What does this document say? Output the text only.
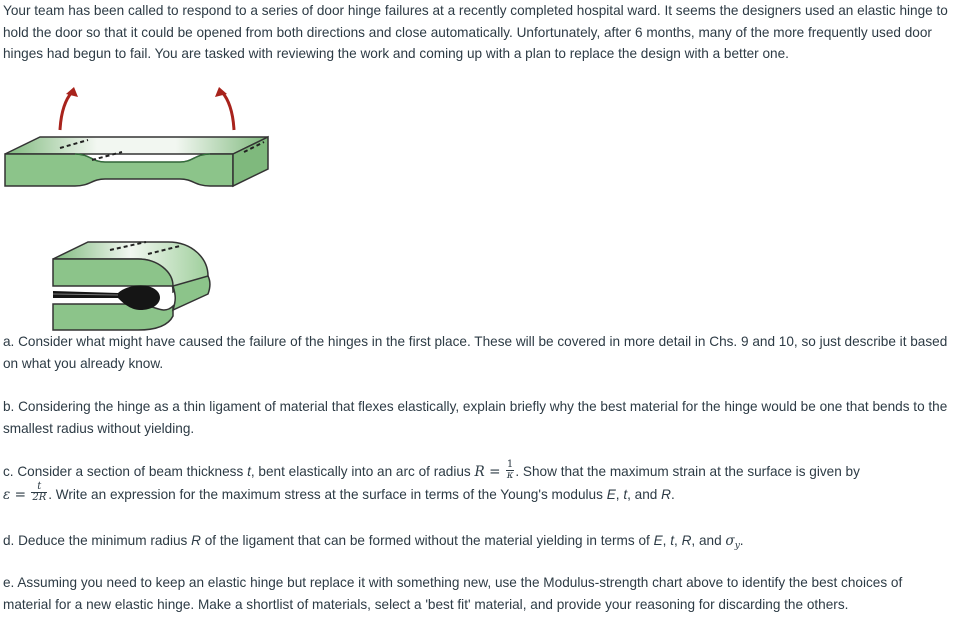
Your team has been called to respond to a series of door hinge failures at a recently completed hospital ward. It seems the designers used an elastic hinge to hold the door so that it could be opened from both directions and close automatically. Unfortunately, after 6 months, many of the more frequently used door hinges had begun to fail. You are tasked with reviewing the work and coming up with a plan to replace the design with a better one.

a. Consider what might have caused the failure of the hinges in the first place. These will be covered in more detail in Chs. 9 and 10, so just describe it based on what you already know.

b. Considering the hinge as a thin ligament of material that flexes elastically, explain briefly why the best material for the hinge would be one that bends to the smallest radius without yielding.

c. Consider a section of beam thickness t, bent elastically into an arc of radius $R = \frac{1}{\kappa}$ . Show that the maximum strain at the surface is given by
$\varepsilon = \frac{t}{2R}$ . Write an expression for the maximum stress at the surface in terms of the Young's modulus E, t, and R.

d. Deduce the minimum radius R of the ligament that can be formed without the material yielding in terms of E, t, R, and $\sigma_y$.

e. Assuming you need to keep an elastic hinge but replace it with something new, use the Modulus-strength chart above to identify the best choices of material for a new elastic hinge. Make a shortlist of materials, select a 'best fit' material, and provide your reasoning for discarding the others.
